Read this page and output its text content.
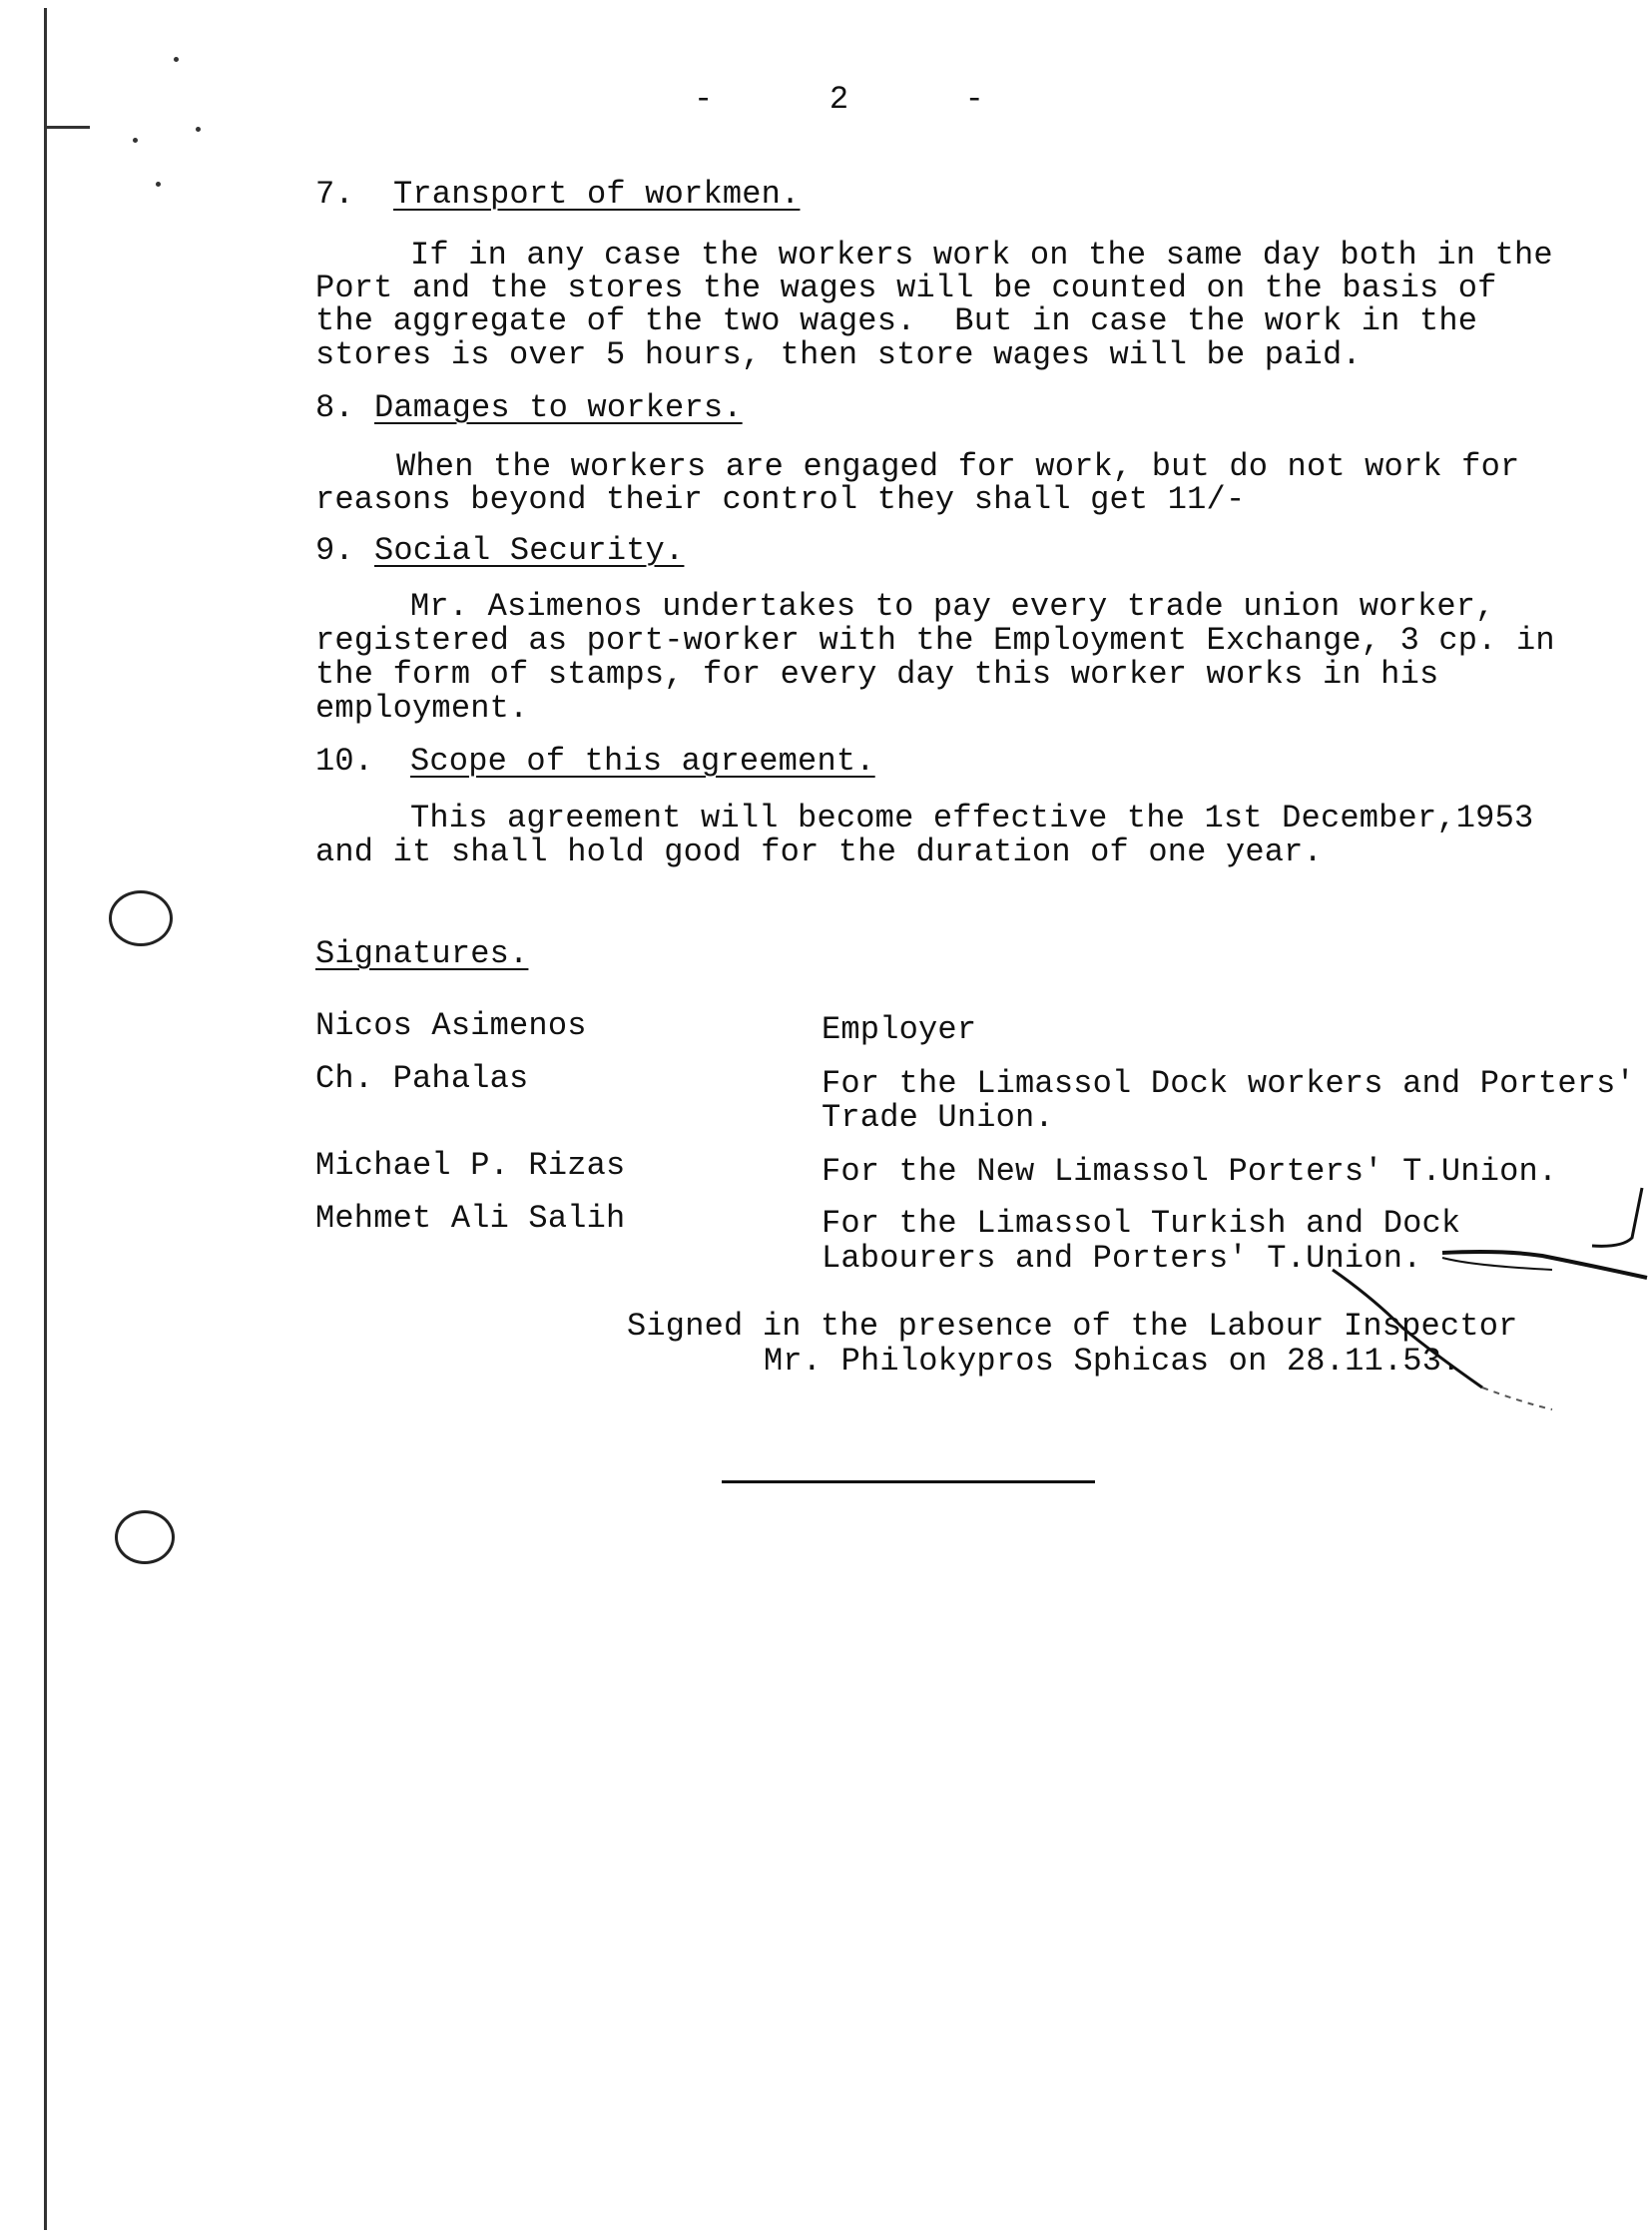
-      2      -
7. Transport of workmen.
If in any case the workers work on the same day both in the
Port and the stores the wages will be counted on the basis of
the aggregate of the two wages.  But in case the work in the
stores is over 5 hours, then store wages will be paid.
8. Damages to workers.
When the workers are engaged for work, but do not work for
reasons beyond their control they shall get 11/-
9. Social Security.
Mr. Asimenos undertakes to pay every trade union worker,
registered as port-worker with the Employment Exchange, 3 cp. in
the form of stamps, for every day this worker works in his
employment.
10. Scope of this agreement.
This agreement will become effective the 1st December,1953
and it shall hold good for the duration of one year.
Signatures.
Nicos Asimenos	Employer
Ch. Pahalas	For the Limassol Dock workers and Porters'
Trade Union.
Michael P. Rizas	For the New Limassol Porters' T.Union.
Mehmet Ali Salih	For the Limassol Turkish and Dock
Labourers and Porters' T.Union.
Signed in the presence of the Labour Inspector
Mr. Philokypros Sphicas on 28.11.53.
